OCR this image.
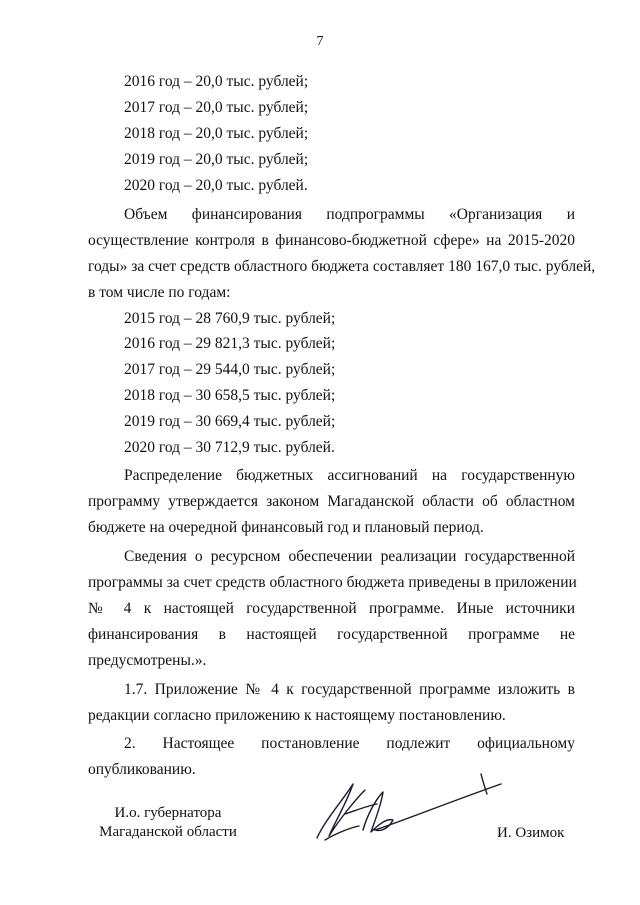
7
2016 год – 20,0 тыс. рублей;
2017 год – 20,0 тыс. рублей;
2018 год – 20,0 тыс. рублей;
2019 год – 20,0 тыс. рублей;
2020 год – 20,0 тыс. рублей.
Объем финансирования подпрограммы «Организация и
осуществление контроля в финансово-бюджетной сфере» на 2015-2020
годы» за счет средств областного бюджета составляет 180 167,0 тыс. рублей,
в том числе по годам:
2015 год – 28 760,9 тыс. рублей;
2016 год – 29 821,3 тыс. рублей;
2017 год – 29 544,0 тыс. рублей;
2018 год – 30 658,5 тыс. рублей;
2019 год – 30 669,4 тыс. рублей;
2020 год – 30 712,9 тыс. рублей.
Распределение бюджетных ассигнований на государственную
программу утверждается законом Магаданской области об областном
бюджете на очередной финансовый год и плановый период.
Сведения о ресурсном обеспечении реализации государственной
программы за счет средств областного бюджета приведены в приложении
№ 4 к настоящей государственной программе. Иные источники
финансирования в настоящей государственной программе не
предусмотрены.».
1.7. Приложение № 4 к государственной программе изложить в
редакции согласно приложению к настоящему постановлению.
2. Настоящее постановление подлежит официальному
опубликованию.
И.о. губернатора
Магаданской области	И. Озимок
